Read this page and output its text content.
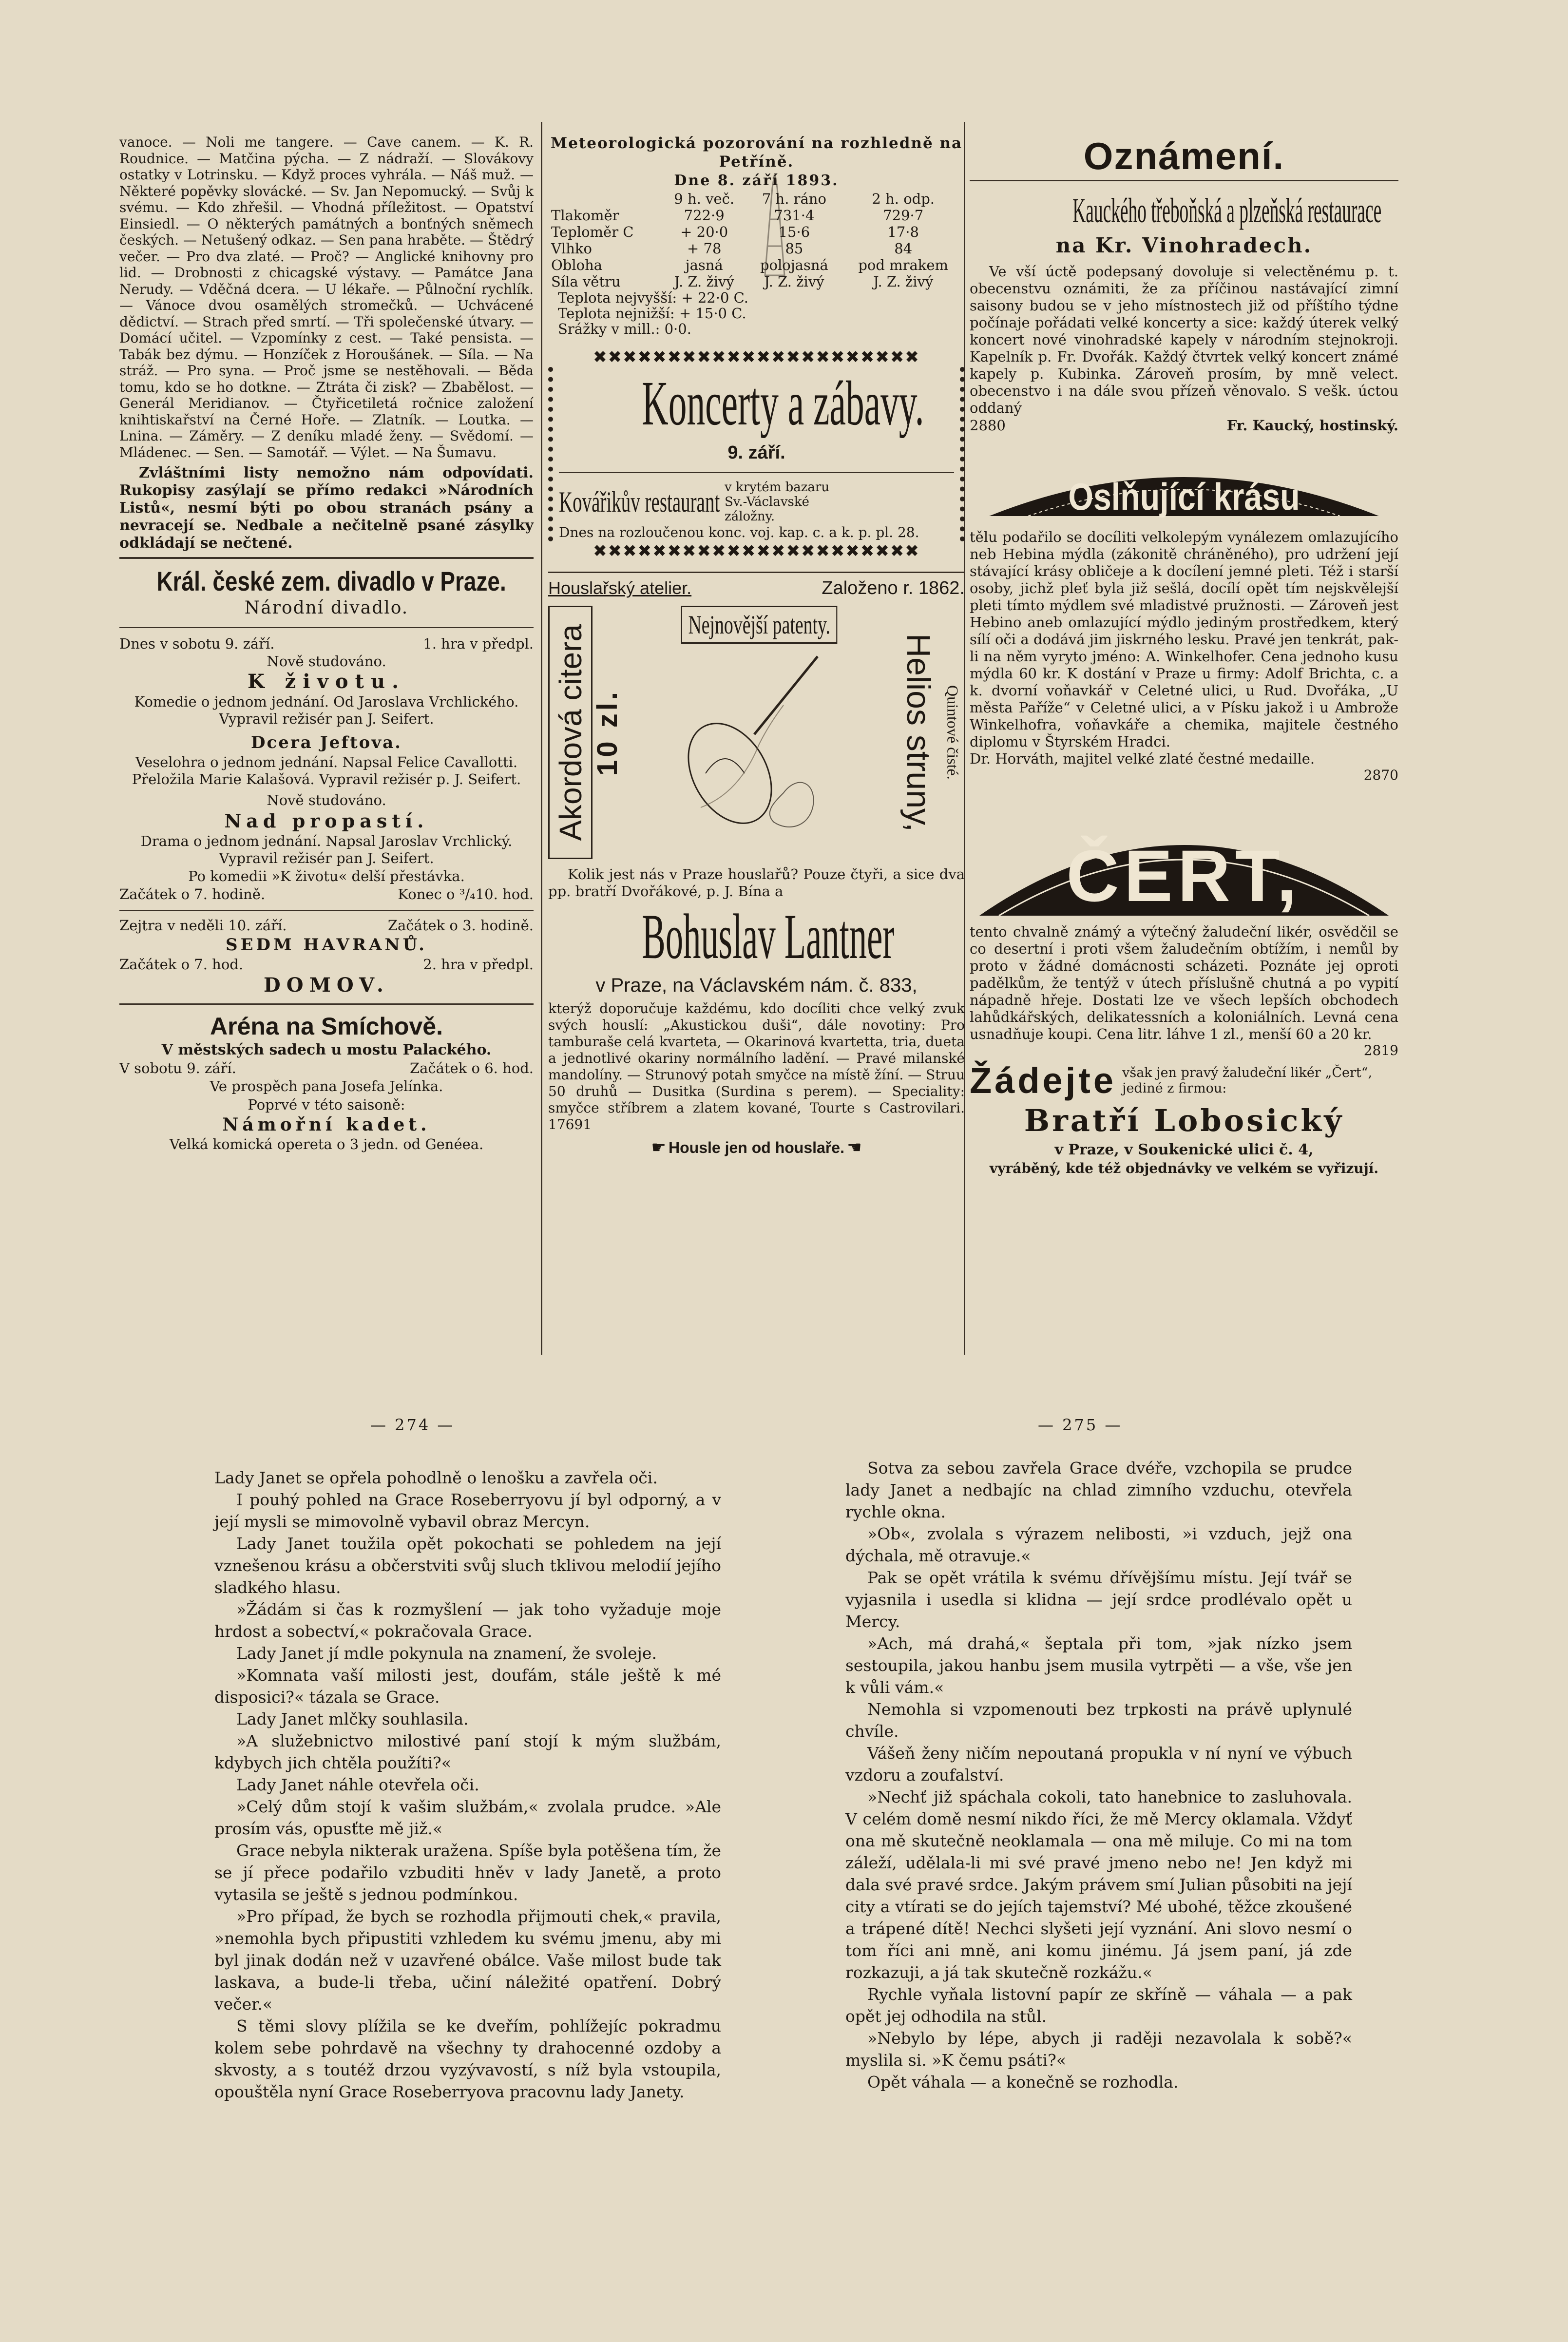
vanoce. — Noli me tangere. — Cave canem. — K. R. Roudnice. — Matčina pýcha. — Z nádraží. — Slovákovy ostatky v Lotrinsku. — Když proces vyhrála. — Náš muž. — Některé popěvky slovácké. — Sv. Jan Nepomucký. — Svůj k svému. — Kdo zhřešil. — Vhodná příležitost. — Opatství Einsiedl. — O některých památných a bonťných sněmech českých. — Netušený odkaz. — Sen pana hraběte. — Štědrý večer. — Pro dva zlaté. — Proč? — Anglické knihovny pro lid. — Drobnosti z chicagské výstavy. — Památce Jana Nerudy. — Vděčná dcera. — U lékaře. — Půlnoční rychlík. — Vánoce dvou osamělých stromečků. — Uchvácené dědictví. — Strach před smrtí. — Tři společenské útvary. — Domácí učitel. — Vzpomínky z cest. — Také pensista. — Tabák bez dýmu. — Honzíček z Horoušánek. — Síla. — Na stráž. — Pro syna. — Proč jsme se nestěhovali. — Běda tomu, kdo se ho dotkne. — Ztráta či zisk? — Zbabělost. — Generál Meridianov. — Čtyřicetiletá ročnice založení knihtiskařství na Černé Hoře. — Zlatník. — Loutka. — Lnina. — Záměry. — Z deníku mladé ženy. — Svědomí. — Mládenec. — Sen. — Samotář. — Výlet. — Na Šumavu.
Zvláštními listy nemožno nám odpovídati. Rukopisy zasýlají se přímo redakci »Národních Listů«, nesmí býti po obou stranách psány a nevracejí se. Nedbale a nečitelně psané zásylky odkládají se nečtené.
Král. české zem. divadlo v Praze.
Národní divadlo.
Dnes v sobotu 9. září.	1. hra v předpl.
Nově studováno.
K životu.
Komedie o jednom jednání. Od Jaroslava Vrchlického. Vypravil režisér pan J. Seifert.
Dcera Jeftova.
Veselohra o jednom jednání. Napsal Felice Cavallotti. Přeložila Marie Kalašová. Vypravil režisér p. J. Seifert.
Nově studováno.
Nad propastí.
Drama o jednom jednání. Napsal Jaroslav Vrchlický. Vypravil režisér pan J. Seifert.
Po komedii »K životu« delší přestávka.
Začátek o 7. hodině.	Konec o ³/₄10. hod.
Zejtra v neděli 10. září.	Začátek o 3. hodině.
SEDM HAVRANŮ.
Začátek o 7. hod.	2. hra v předpl.
DOMOV.
Aréna na Smíchově.
V městských sadech u mostu Palackého.
V sobotu 9. září.	Začátek o 6. hod.
Ve prospěch pana Josefa Jelínka.
Poprvé v této saisoně:
Námořní kadet.
Velká komická opereta o 3 jedn. od Genéea.
Meteorologická pozorování na rozhledně na Petříně.
Dne 8. září 1893.
	9 h. več.	7 h. ráno	2 h. odp.
Tlakoměr	722·9	731·4	729·7
Teploměr C	+ 20·0	15·6	17·8
Vlhko	+ 78	85	84
Obloha	jasná	polojasná	pod mrakem
Síla větru	J. Z. živý	J. Z. živý	J. Z. živý
Teplota nejvyšší: + 22·0 C.
Teplota nejnižší: + 15·0 C.
Srážky v mill.: 0·0.
✖✖✖✖✖✖✖✖✖✖✖✖✖✖✖✖✖✖✖✖✖✖
Koncerty a zábavy.
9. září.
Kovářikův restaurant v krytém bazaru Sv.-Václavské záložny.
Dnes na rozloučenou konc. voj. kap. c. a k. p. pl. 28.
✖✖✖✖✖✖✖✖✖✖✖✖✖✖✖✖✖✖✖✖✖✖
Houslařský atelier.	Založeno r. 1862.
Akordová citera 10 zl.
Nejnovější patenty.
Helios struny, Quintové čisté.
Kolik jest nás v Praze houslařů? Pouze čtyři, a sice dva pp. bratří Dvořákové, p. J. Bína a
Bohuslav Lantner
v Praze, na Václavském nám. č. 833,
kterýž doporučuje každému, kdo docíliti chce velký zvuk svých houslí: „Akustickou duši“, dále novotiny: Pro tamburaše celá kvarteta, — Okarinová kvartetta, tria, dueta a jednotlivé okariny normálního ladění. — Pravé milanské mandolíny. — Strunový potah smyčce na místě žíní. — Struu 50 druhů — Dusitka (Surdina s perem). — Speciality: smyčce stříbrem a zlatem kované, Tourte s Castrovilari. 17691
☛ Housle jen od houslaře. ☚
Oznámení.
Kauckého třeboňská a plzeňská restaurace
na Kr. Vinohradech.
Ve vší úctě podepsaný dovoluje si velectěnému p. t. obecenstvu oznámiti, že za příčinou nastávající zimní saisony budou se v jeho místnostech již od příštího týdne počínaje pořádati velké koncerty a sice: každý úterek velký koncert nové vinohradské kapely v národním stejnokroji. Kapelník p. Fr. Dvořák. Každý čtvrtek velký koncert známé kapely p. Kubinka. Zároveň prosím, by mně velect. obecenstvo i na dále svou přízeň věnovalo. S vešk. úctou oddaný
2880	Fr. Kaucký, hostinský.
Oslňující krásu
tělu podařilo se docíliti velkolepým vynálezem omlazujícího neb Hebina mýdla (zákonitě chráněného), pro udržení její stávající krásy obličeje a k docílení jemné pleti. Též i starší osoby, jichž pleť byla již sešlá, docílí opět tím nejskvělejší pleti tímto mýdlem své mladistvé pružnosti. — Zároveň jest Hebino aneb omlazující mýdlo jediným prostředkem, který sílí oči a dodává jim jiskrného lesku. Pravé jen tenkrát, pak-li na něm vyryto jméno: A. Winkelhofer. Cena jednoho kusu mýdla 60 kr. K dostání v Praze u firmy: Adolf Brichta, c. a k. dvorní voňavkář v Celetné ulici, u Rud. Dvořáka, „U města Paříže“ v Celetné ulici, a v Písku jakož i u Ambrože Winkelhofra, voňavkáře a chemika, majitele čestného diplomu v Štyrském Hradci.
Dr. Horváth, majitel velké zlaté čestné medaille.
2870
ČERT,
tento chvalně známý a výtečný žaludeční likér, osvědčil se co desertní i proti všem žaludečním obtížím, i nemůl by proto v žádné domácnosti scházeti. Poznáte jej oproti padělkům, že tentýž v útech příslušně chutná a po vypití nápadně hřeje. Dostati lze ve všech lepších obchodech lahůdkářských, delikatessních a koloniálních. Levná cena usnadňuje koupi. Cena litr. láhve 1 zl., menší 60 a 20 kr.
2819
Žádejte však jen pravý žaludeční likér „Čert“, jediné z firmou:
Bratří Lobosický
v Praze, v Soukenické ulici č. 4,
vyráběný, kde též objednávky ve velkém se vyřizují.
— 274 —	— 275 —

Lady Janet se opřela pohodlně o lenošku a zavřela oči.

I pouhý pohled na Grace Roseberryovu jí byl odporný, a v její mysli se mimovolně vybavil obraz Mercyn.

Lady Janet toužila opět pokochati se pohledem na její vznešenou krásu a občerstviti svůj sluch tklivou melodií jejího sladkého hlasu.

»Žádám si čas k rozmyšlení — jak toho vyžaduje moje hrdost a sobectví,« pokračovala Grace.

Lady Janet jí mdle pokynula na znamení, že svoleje.

»Komnata vaší milosti jest, doufám, stále ještě k mé disposici?« tázala se Grace.

Lady Janet mlčky souhlasila.

»A služebnictvo milostivé paní stojí k mým službám, kdybych jich chtěla použíti?«

Lady Janet náhle otevřela oči.

»Celý dům stojí k vašim službám,« zvolala prudce. »Ale prosím vás, opusťte mě již.«

Grace nebyla nikterak uražena. Spíše byla potěšena tím, že se jí přece podařilo vzbuditi hněv v lady Janetě, a proto vytasila se ještě s jednou podmínkou.

»Pro případ, že bych se rozhodla přijmouti chek,« pravila, »nemohla bych připustiti vzhledem ku svému jmenu, aby mi byl jinak dodán než v uzavřené obálce. Vaše milost bude tak laskava, a bude-li třeba, učiní náležité opatření. Dobrý večer.«

S těmi slovy plížila se ke dveřím, pohlížejíc pokradmu kolem sebe pohrdavě na všechny ty drahocenné ozdoby a skvosty, a s toutéž drzou vyzývavostí, s níž byla vstoupila, opouštěla nyní Grace Roseberryova pracovnu lady Janety.

Sotva za sebou zavřela Grace dvéře, vzchopila se prudce lady Janet a nedbajíc na chlad zimního vzduchu, otevřela rychle okna.

»Ob«, zvolala s výrazem nelibosti, »i vzduch, jejž ona dýchala, mě otravuje.«

Pak se opět vrátila k svému dřívějšímu místu. Její tvář se vyjasnila i usedla si klidna — její srdce prodlévalo opět u Mercy.

»Ach, má drahá,« šeptala při tom, »jak nízko jsem sestoupila, jakou hanbu jsem musila vytrpěti — a vše, vše jen k vůli vám.«

Nemohla si vzpomenouti bez trpkosti na právě uplynulé chvíle.

Vášeň ženy ničím nepoutaná propukla v ní nyní ve výbuch vzdoru a zoufalství.

»Nechť již spáchala cokoli, tato hanebnice to zasluhovala. V celém domě nesmí nikdo říci, že mě Mercy oklamala. Vždyť ona mě skutečně neoklamala — ona mě miluje. Co mi na tom záleží, udělala-li mi své pravé jmeno nebo ne! Jen když mi dala své pravé srdce. Jakým právem smí Julian působiti na její city a vtírati se do jejích tajemství? Mé ubohé, těžce zkoušené a trápené dítě! Nechci slyšeti její vyznání. Ani slovo nesmí o tom říci ani mně, ani komu jinému. Já jsem paní, já zde rozkazuji, a já tak skutečně rozkážu.«

Rychle vyňala listovní papír ze skříně — váhala — a pak opět jej odhodila na stůl.

»Nebylo by lépe, abych ji raději nezavolala k sobě?« myslila si. »K čemu psáti?«

Opět váhala — a konečně se rozhodla.
